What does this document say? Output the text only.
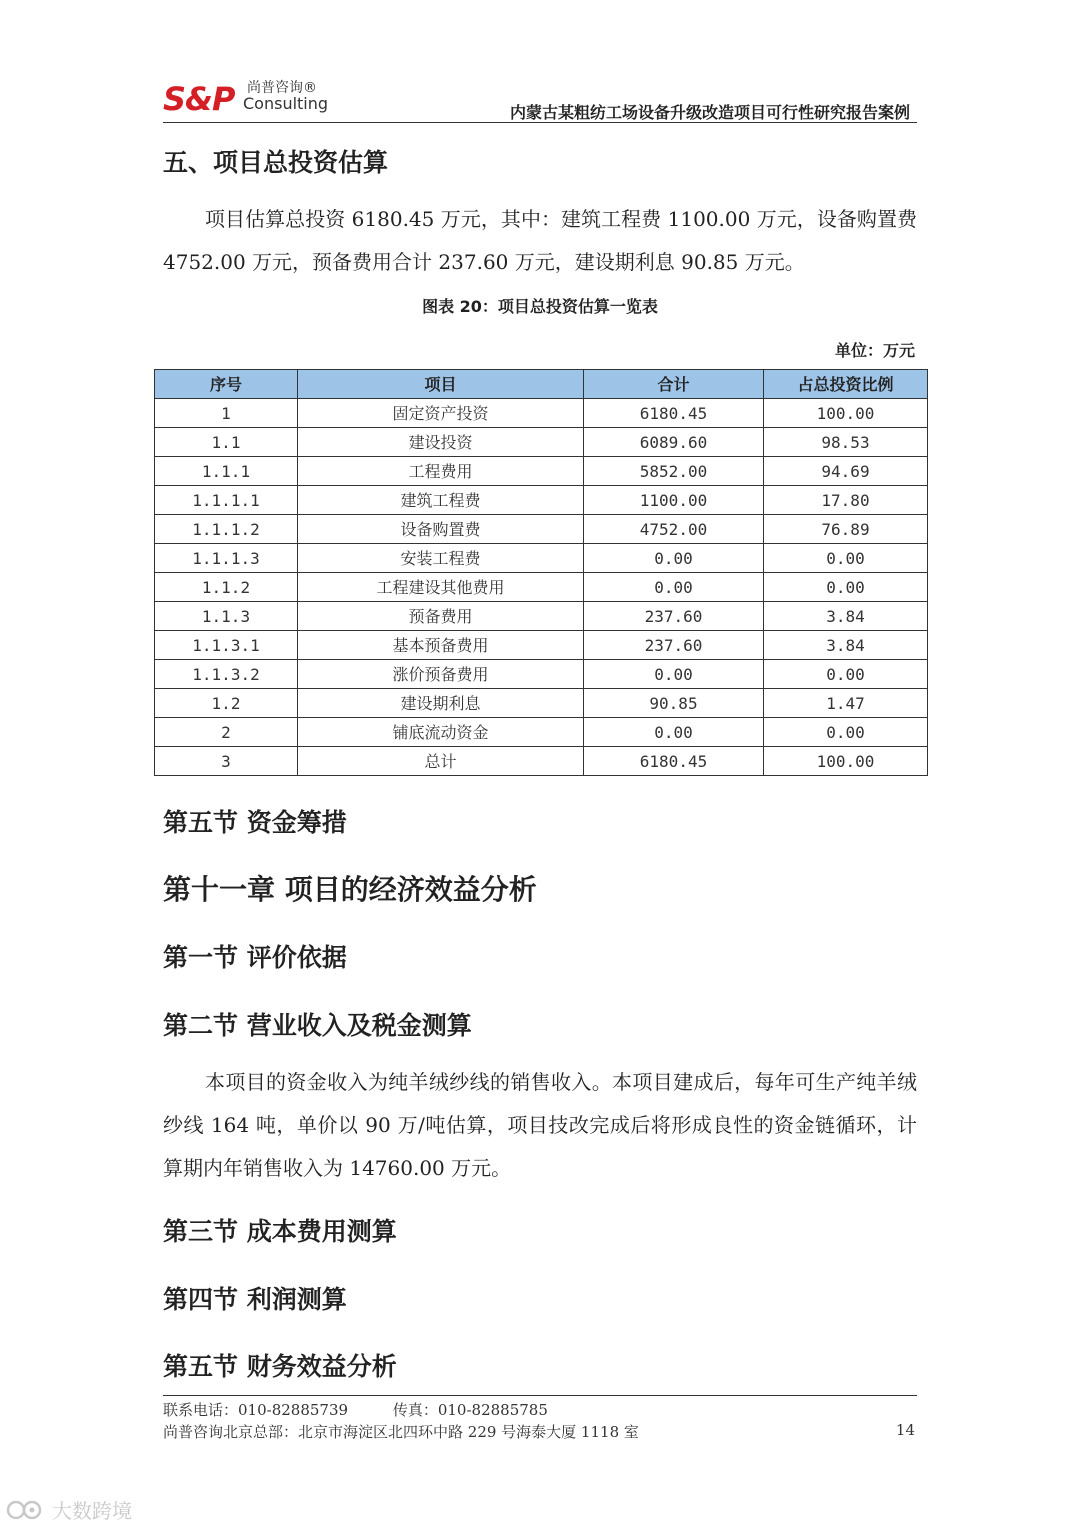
S&P 尚普咨询®
Consulting	内蒙古某粗纺工场设备升级改造项目可行性研究报告案例
五、项目总投资估算
项目估算总投资 6180.45 万元，其中：建筑工程费 1100.00 万元，设备购置费 4752.00 万元，预备费用合计 237.60 万元，建设期利息 90.85 万元。
图表 20：项目总投资估算一览表
单位：万元
序号	项目	合计	占总投资比例
1	固定资产投资	6180.45	100.00
1.1	建设投资	6089.60	98.53
1.1.1	工程费用	5852.00	94.69
1.1.1.1	建筑工程费	1100.00	17.80
1.1.1.2	设备购置费	4752.00	76.89
1.1.1.3	安装工程费	0.00	0.00
1.1.2	工程建设其他费用	0.00	0.00
1.1.3	预备费用	237.60	3.84
1.1.3.1	基本预备费用	237.60	3.84
1.1.3.2	涨价预备费用	0.00	0.00
1.2	建设期利息	90.85	1.47
2	铺底流动资金	0.00	0.00
3	总计	6180.45	100.00
第五节 资金筹措
第十一章 项目的经济效益分析
第一节 评价依据
第二节 营业收入及税金测算
本项目的资金收入为纯羊绒纱线的销售收入。本项目建成后，每年可生产纯羊绒纱线 164 吨，单价以 90 万/吨估算，项目技改完成后将形成良性的资金链循环，计算期内年销售收入为 14760.00 万元。
第三节 成本费用测算
第四节 利润测算
第五节 财务效益分析
联系电话：010-82885739	传真：010-82885785
尚普咨询北京总部：北京市海淀区北四环中路 229 号海泰大厦 1118 室	14
大数跨境
